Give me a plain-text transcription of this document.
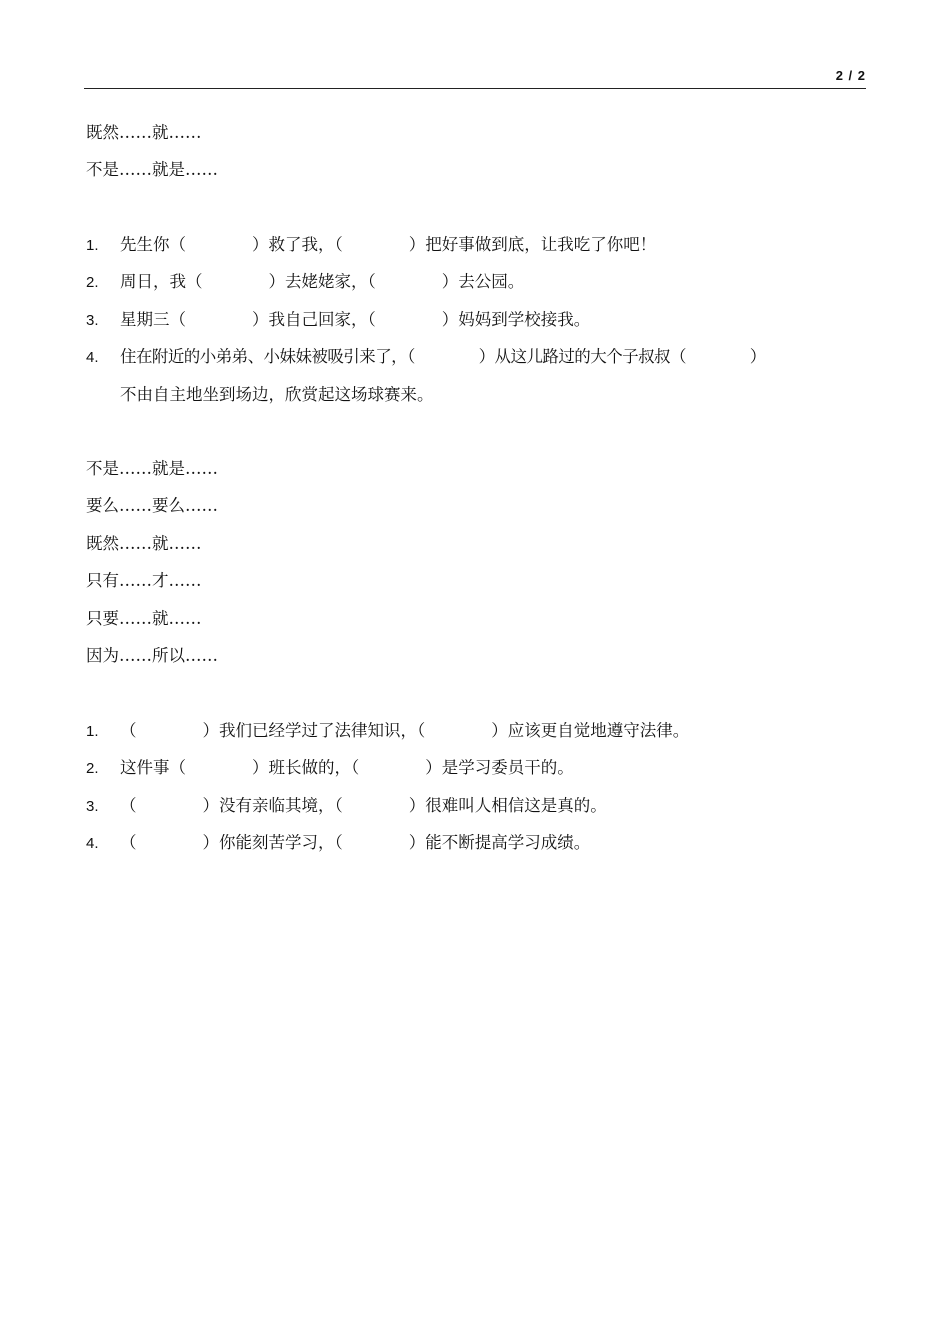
2 / 2
既然……就……
不是……就是……
1.	先生你（　　　　）救了我，（　　　　）把好事做到底，让我吃了你吧！
2.	周日，我（　　　　）去姥姥家，（　　　　）去公园。
3.	星期三（　　　　）我自己回家，（　　　　）妈妈到学校接我。
4.	住在附近的小弟弟、小妹妹被吸引来了，（　　　　）从这儿路过的大个子叔叔（　　　　）
不由自主地坐到场边，欣赏起这场球赛来。
不是……就是……
要么……要么……
既然……就……
只有……才……
只要……就……
因为……所以……
1.	（　　　　）我们已经学过了法律知识，（　　　　）应该更自觉地遵守法律。
2.	这件事（　　　　）班长做的，（　　　　）是学习委员干的。
3.	（　　　　）没有亲临其境，（　　　　）很难叫人相信这是真的。
4.	（　　　　）你能刻苦学习，（　　　　）能不断提高学习成绩。
